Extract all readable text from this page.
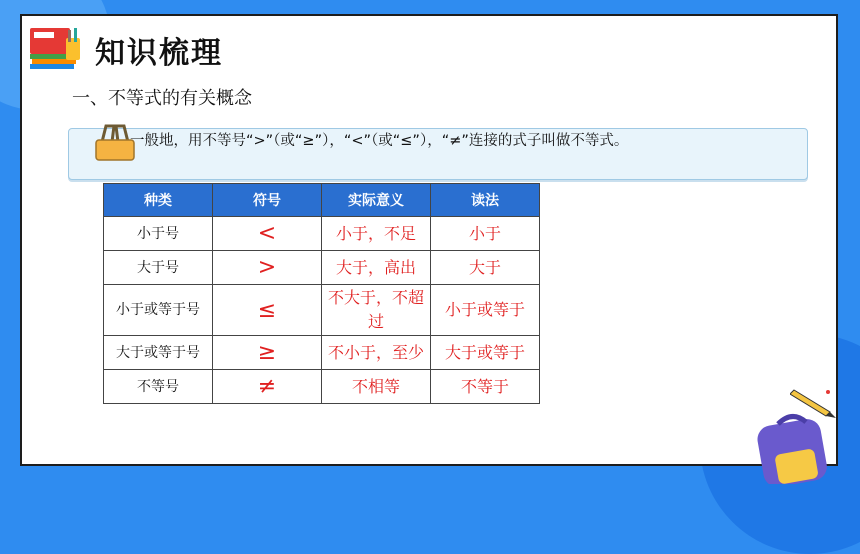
知识梳理
一、不等式的有关概念
一般地，用不等号“>”（或“≥”），“<”（或“≤”），“≠”连接的式子叫做不等式。
种类	符号	实际意义	读法
小于号	<	小于，不足	小于
大于号	>	大于，高出	大于
小于或等于号	≤	不大于，不超过	小于或等于
大于或等于号	≥	不小于，至少	大于或等于
不等号	≠	不相等	不等于
